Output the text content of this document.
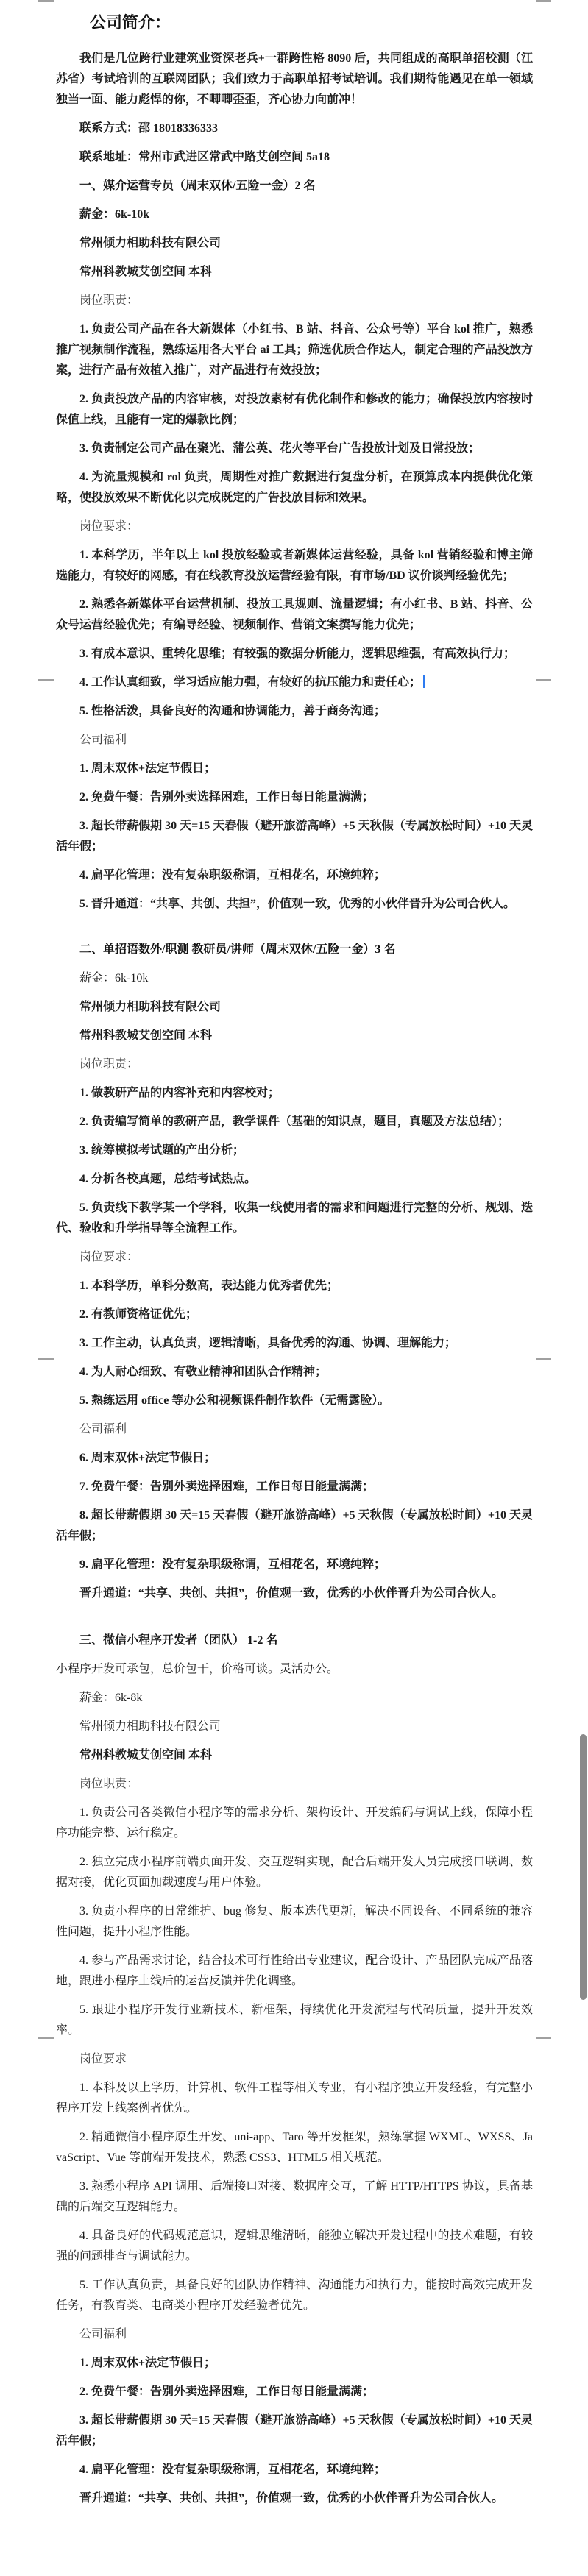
公司简介：

我们是几位跨行业建筑业资深老兵+一群跨性格 8090 后，共同组成的高职单招校测（江苏省）考试培训的互联网团队；我们致力于高职单招考试培训。我们期待能遇见在单一领域独当一面、能力彪悍的你，不唧唧歪歪，齐心协力向前冲！

联系方式：邵 18018336333

联系地址：常州市武进区常武中路艾创空间 5a18

一、媒介运营专员（周末双休/五险一金）2 名

薪金：6k-10k

常州倾力相助科技有限公司

常州科教城艾创空间 本科

岗位职责：

1. 负责公司产品在各大新媒体（小红书、B 站、抖音、公众号等）平台 kol 推广，熟悉推广视频制作流程，熟练运用各大平台 ai 工具；筛选优质合作达人，制定合理的产品投放方案，进行产品有效植入推广，对产品进行有效投放；

2. 负责投放产品的内容审核，对投放素材有优化制作和修改的能力；确保投放内容按时保值上线，且能有一定的爆款比例；

3. 负责制定公司产品在聚光、蒲公英、花火等平台广告投放计划及日常投放；

4. 为流量规模和 rol 负责，周期性对推广数据进行复盘分析，在预算成本内提供优化策略，使投放效果不断优化以完成既定的广告投放目标和效果。

岗位要求：

1. 本科学历，半年以上 kol 投放经验或者新媒体运营经验，具备 kol 营销经验和博主筛选能力，有较好的网感，有在线教育投放运营经验有限，有市场/BD 议价谈判经验优先；

2. 熟悉各新媒体平台运营机制、投放工具规则、流量逻辑；有小红书、B 站、抖音、公众号运营经验优先；有编导经验、视频制作、营销文案撰写能力优先；

3. 有成本意识、重转化思维；有较强的数据分析能力，逻辑思维强，有高效执行力；

4. 工作认真细致，学习适应能力强，有较好的抗压能力和责任心；

5. 性格活泼，具备良好的沟通和协调能力，善于商务沟通；

公司福利

1. 周末双休+法定节假日；

2. 免费午餐：告别外卖选择困难，工作日每日能量满满；

3. 超长带薪假期 30 天=15 天春假（避开旅游高峰）+5 天秋假（专属放松时间）+10 天灵活年假；

4. 扁平化管理：没有复杂职级称谓，互相花名，环境纯粹；

5. 晋升通道：“共享、共创、共担”，价值观一致，优秀的小伙伴晋升为公司合伙人。

二、单招语数外/职测 教研员/讲师（周末双休/五险一金）3 名

薪金：6k-10k

常州倾力相助科技有限公司

常州科教城艾创空间 本科

岗位职责：

1. 做教研产品的内容补充和内容校对；

2. 负责编写简单的教研产品，教学课件（基础的知识点，题目，真题及方法总结）；

3. 统筹模拟考试题的产出分析；

4. 分析各校真题，总结考试热点。

5. 负责线下教学某一个学科，收集一线使用者的需求和问题进行完整的分析、规划、迭代、验收和升学指导等全流程工作。

岗位要求：

1. 本科学历，单科分数高，表达能力优秀者优先；

2. 有教师资格证优先；

3. 工作主动，认真负责，逻辑清晰，具备优秀的沟通、协调、理解能力；

4. 为人耐心细致、有敬业精神和团队合作精神；

5. 熟练运用 office 等办公和视频课件制作软件（无需露脸）。

公司福利

6. 周末双休+法定节假日；

7. 免费午餐：告别外卖选择困难，工作日每日能量满满；

8. 超长带薪假期 30 天=15 天春假（避开旅游高峰）+5 天秋假（专属放松时间）+10 天灵活年假；

9. 扁平化管理：没有复杂职级称谓，互相花名，环境纯粹；

晋升通道：“共享、共创、共担”，价值观一致，优秀的小伙伴晋升为公司合伙人。

三、微信小程序开发者（团队） 1-2 名

小程序开发可承包，总价包干，价格可谈。灵活办公。

薪金：6k-8k

常州倾力相助科技有限公司

常州科教城艾创空间 本科

岗位职责：

1. 负责公司各类微信小程序等的需求分析、架构设计、开发编码与调试上线，保障小程序功能完整、运行稳定。

2. 独立完成小程序前端页面开发、交互逻辑实现，配合后端开发人员完成接口联调、数据对接，优化页面加载速度与用户体验。

3. 负责小程序的日常维护、bug 修复、版本迭代更新，解决不同设备、不同系统的兼容性问题，提升小程序性能。

4. 参与产品需求讨论，结合技术可行性给出专业建议，配合设计、产品团队完成产品落地，跟进小程序上线后的运营反馈并优化调整。

5. 跟进小程序开发行业新技术、新框架，持续优化开发流程与代码质量，提升开发效率。

岗位要求

1. 本科及以上学历，计算机、软件工程等相关专业，有小程序独立开发经验，有完整小程序开发上线案例者优先。

2. 精通微信小程序原生开发、uni-app、Taro 等开发框架，熟练掌握 WXML、WXSS、JavaScript、Vue 等前端开发技术，熟悉 CSS3、HTML5 相关规范。

3. 熟悉小程序 API 调用、后端接口对接、数据库交互，了解 HTTP/HTTPS 协议，具备基础的后端交互逻辑能力。

4. 具备良好的代码规范意识，逻辑思维清晰，能独立解决开发过程中的技术难题，有较强的问题排查与调试能力。

5. 工作认真负责，具备良好的团队协作精神、沟通能力和执行力，能按时高效完成开发任务，有教育类、电商类小程序开发经验者优先。

公司福利

1. 周末双休+法定节假日；

2. 免费午餐：告别外卖选择困难，工作日每日能量满满；

3. 超长带薪假期 30 天=15 天春假（避开旅游高峰）+5 天秋假（专属放松时间）+10 天灵活年假；

4. 扁平化管理：没有复杂职级称谓，互相花名，环境纯粹；

晋升通道：“共享、共创、共担”，价值观一致，优秀的小伙伴晋升为公司合伙人。
